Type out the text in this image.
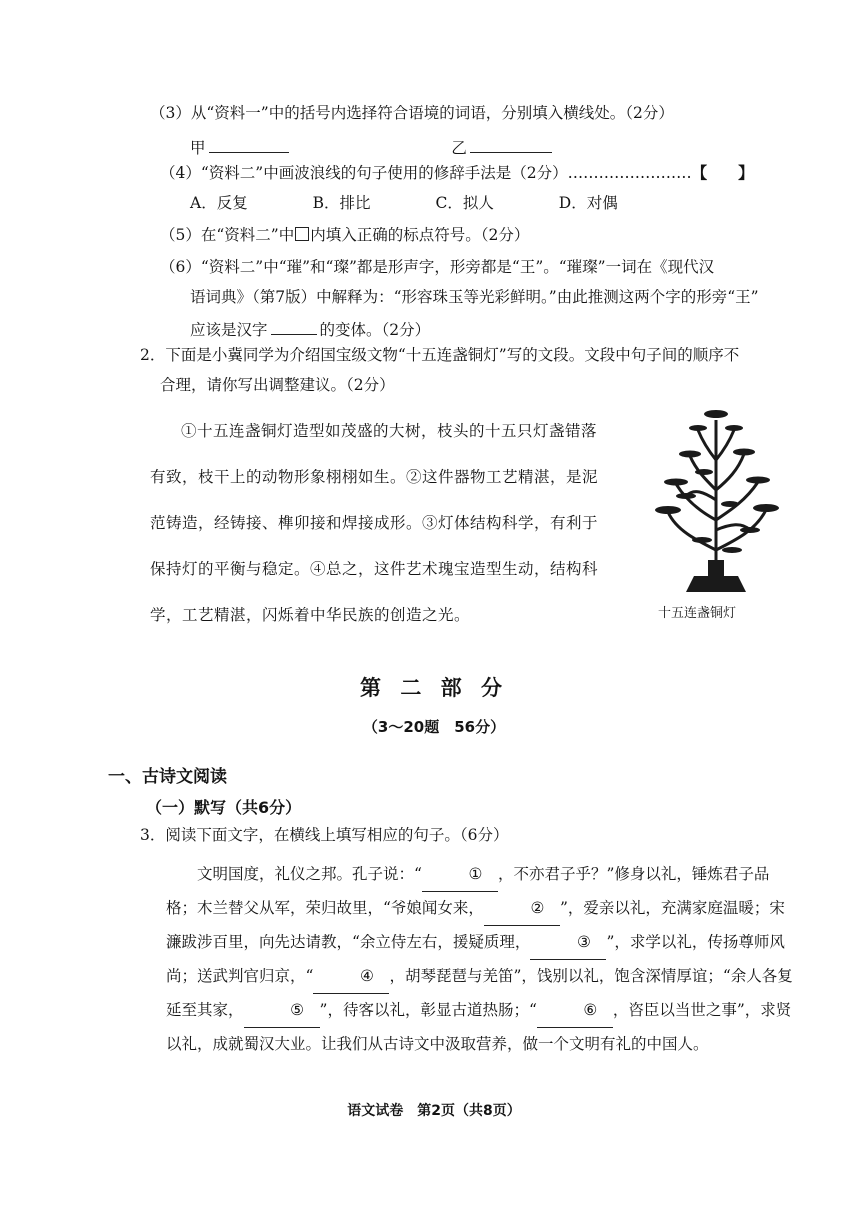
（3）从“资料一”中的括号内选择符合语境的词语，分别填入横线处。（2分）
甲	乙
（4）“资料二”中画波浪线的句子使用的修辞手法是（2分）……………………【　　】
A．反复	B．排比	C．拟人	D．对偶
（5）在“资料二”中 内填入正确的标点符号。（2分）
（6）“资料二”中“璀”和“璨”都是形声字，形旁都是“王”。“璀璨”一词在《现代汉
语词典》（第7版）中解释为：“形容珠玉等光彩鲜明。”由此推测这两个字的形旁“王”
应该是汉字	的变体。（2分）
2．下面是小冀同学为介绍国宝级文物“十五连盏铜灯”写的文段。文段中句子间的顺序不
合理，请你写出调整建议。（2分）

①十五连盏铜灯造型如茂盛的大树，枝头的十五只灯盏错落有致，枝干上的动物形象栩栩如生。②这件器物工艺精湛，是泥范铸造，经铸接、榫卯接和焊接成形。③灯体结构科学，有利于保持灯的平衡与稳定。④总之，这件艺术瑰宝造型生动，结构科学，工艺精湛，闪烁着中华民族的创造之光。	十五连盏铜灯
第 二 部 分
（3～20题　56分）
一、古诗文阅读
（一）默写（共6分）
3．阅读下面文字，在横线上填写相应的句子。（6分）

文明国度，礼仪之邦。孔子说：“	① ，不亦君子乎？”修身以礼，锤炼君子品格；木兰替父从军，荣归故里，“爷娘闻女来，	② ”，爱亲以礼，充满家庭温暖；宋濂跋涉百里，向先达请教，“余立侍左右，援疑质理，	③ ”，求学以礼，传扬尊师风尚；送武判官归京，“	④ ，胡琴琵琶与羌笛”，饯别以礼，饱含深情厚谊；“余人各复延至其家，	⑤ ”，待客以礼，彰显古道热肠；“	⑥ ，咨臣以当世之事”，求贤以礼，成就蜀汉大业。让我们从古诗文中汲取营养，做一个文明有礼的中国人。

语文试卷　第2页（共8页）
